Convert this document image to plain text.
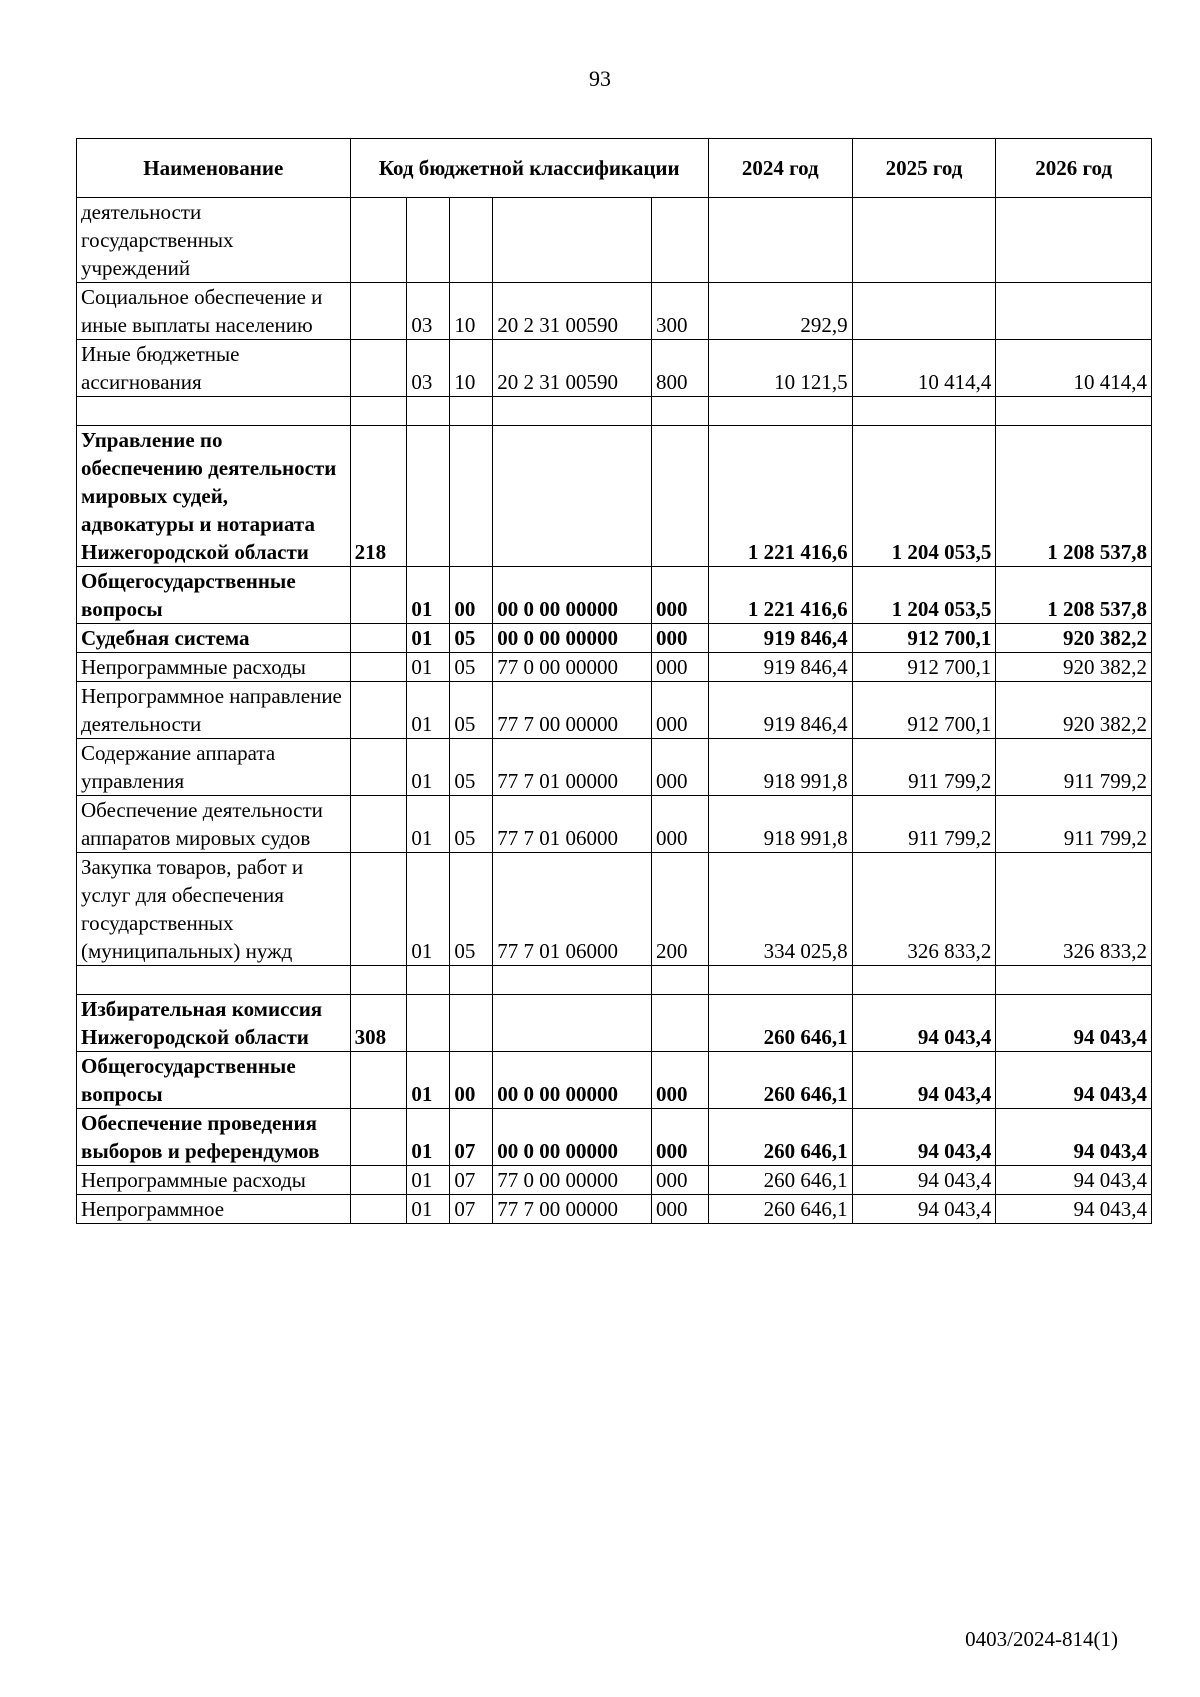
93
Наименование	Код бюджетной классификации					2024 год	2025 год	2026 год
деятельности государственных учреждений								
Социальное обеспечение и иные выплаты населению		03	10	20 2 31 00590	300	292,9		
Иные бюджетные ассигнования		03	10	20 2 31 00590	800	10 121,5	10 414,4	10 414,4

Управление по обеспечению деятельности мировых судей, адвокатуры и нотариата Нижегородской области	218					1 221 416,6	1 204 053,5	1 208 537,8
Общегосударственные вопросы		01	00	00 0 00 00000	000	1 221 416,6	1 204 053,5	1 208 537,8
Судебная система		01	05	00 0 00 00000	000	919 846,4	912 700,1	920 382,2
Непрограммные расходы		01	05	77 0 00 00000	000	919 846,4	912 700,1	920 382,2
Непрограммное направление деятельности		01	05	77 7 00 00000	000	919 846,4	912 700,1	920 382,2
Содержание аппарата управления		01	05	77 7 01 00000	000	918 991,8	911 799,2	911 799,2
Обеспечение деятельности аппаратов мировых судов		01	05	77 7 01 06000	000	918 991,8	911 799,2	911 799,2
Закупка товаров, работ и услуг для обеспечения государственных (муниципальных) нужд		01	05	77 7 01 06000	200	334 025,8	326 833,2	326 833,2

Избирательная комиссия Нижегородской области	308					260 646,1	94 043,4	94 043,4
Общегосударственные вопросы		01	00	00 0 00 00000	000	260 646,1	94 043,4	94 043,4
Обеспечение проведения выборов и референдумов		01	07	00 0 00 00000	000	260 646,1	94 043,4	94 043,4
Непрограммные расходы		01	07	77 0 00 00000	000	260 646,1	94 043,4	94 043,4
Непрограммное		01	07	77 7 00 00000	000	260 646,1	94 043,4	94 043,4
0403/2024-814(1)
